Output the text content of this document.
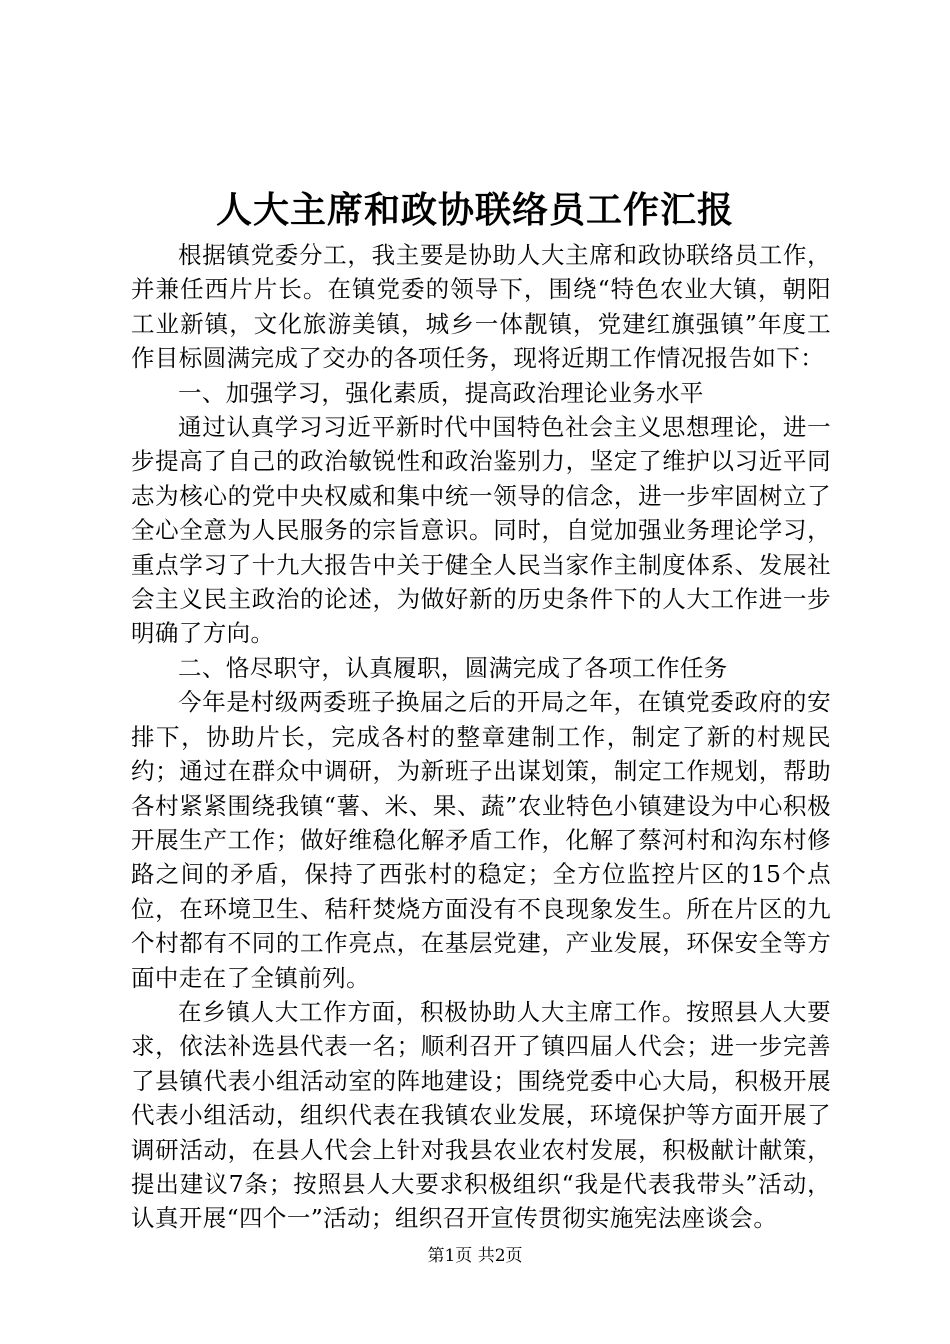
人大主席和政协联络员工作汇报

根据镇党委分工，我主要是协助人大主席和政协联络员工作，并兼任西片片长。在镇党委的领导下，围绕“特色农业大镇，朝阳工业新镇，文化旅游美镇，城乡一体靓镇，党建红旗强镇”年度工作目标圆满完成了交办的各项任务，现将近期工作情况报告如下：

一、加强学习，强化素质，提高政治理论业务水平

通过认真学习习近平新时代中国特色社会主义思想理论，进一步提高了自己的政治敏锐性和政治鉴别力，坚定了维护以习近平同志为核心的党中央权威和集中统一领导的信念，进一步牢固树立了全心全意为人民服务的宗旨意识。同时，自觉加强业务理论学习，重点学习了十九大报告中关于健全人民当家作主制度体系、发展社会主义民主政治的论述，为做好新的历史条件下的人大工作进一步明确了方向。

二、恪尽职守，认真履职，圆满完成了各项工作任务

今年是村级两委班子换届之后的开局之年，在镇党委政府的安排下，协助片长，完成各村的整章建制工作，制定了新的村规民约；通过在群众中调研，为新班子出谋划策，制定工作规划，帮助各村紧紧围绕我镇“薯、米、果、蔬”农业特色小镇建设为中心积极开展生产工作；做好维稳化解矛盾工作，化解了蔡河村和沟东村修路之间的矛盾，保持了西张村的稳定；全方位监控片区的15个点位，在环境卫生、秸秆焚烧方面没有不良现象发生。所在片区的九个村都有不同的工作亮点，在基层党建，产业发展，环保安全等方面中走在了全镇前列。

在乡镇人大工作方面，积极协助人大主席工作。按照县人大要求，依法补选县代表一名；顺利召开了镇四届人代会；进一步完善了县镇代表小组活动室的阵地建设；围绕党委中心大局，积极开展代表小组活动，组织代表在我镇农业发展，环境保护等方面开展了调研活动，在县人代会上针对我县农业农村发展，积极献计献策，提出建议7条；按照县人大要求积极组织“我是代表我带头”活动，认真开展“四个一”活动；组织召开宣传贯彻实施宪法座谈会。

第1页 共2页
